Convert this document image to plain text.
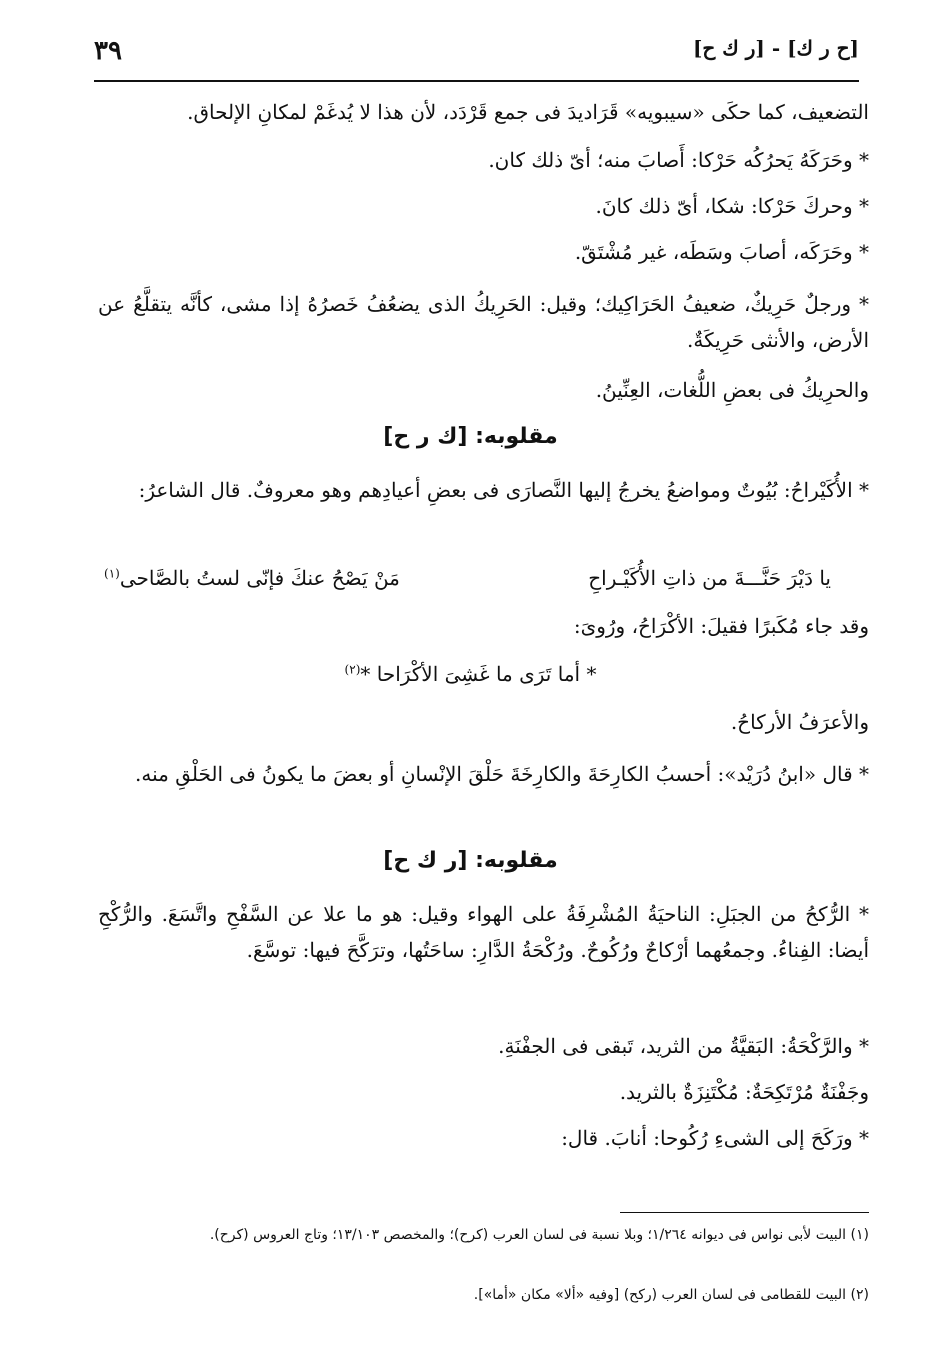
[ح ر ك] - [ر ك ح]
٣٩

التضعيف، كما حكَى «سيبويه» قَرَاديدَ فى جمع قَرْدَد، لأن هذا لا يُدغَمْ لمكانِ الإلحاق.

* وحَرَكَهُ يَحرُكُه حَرْكا: أَصابَ منه؛ أىّ ذلك كان.

* وحركَ حَرْكا: شكا، أىّ ذلك كانَ.

* وحَرَكَه، أصابَ وسَطَه، غير مُشْتَقّ.

* ورجلٌ حَرِيكٌ، ضعيفُ الحَرَاكِيك؛ وقيل: الحَرِيكُ الذى يضعُفُ خَصرُهُ إذا مشى، كأنَّه يتقلَّعُ عن الأرض، والأنثى حَرِيكَةٌ.

والحرِيكُ فى بعضِ اللُّغات، العِنِّينُ.

مقلوبه: [ك ر ح]

* الأُكَيْراحُ: بُيُوتٌ ومواضعُ يخرجُ إليها النَّصارَى فى بعضِ أعيادِهم وهو معروفٌ. قال الشاعرُ:

يا دَيْرَ حَنَّـــةَ من ذاتِ الأُكَيْـراحِ
مَنْ يَصْحُ عنكَ فإنّى لستُ بالصَّاحى$^{(١)}$

وقد جاء مُكَبرًا فقيلَ: الأكْرَاحُ، ورُوىَ:

* أما تَرَى ما غَشِىَ الأكْرَاحا *$^{(٢)}$

والأعرَفُ الأركاحُ.

* قال «ابنُ دُرَيْد»: أحسبُ الكارِحَةَ والكارِخَةَ حَلْقَ الإنْسانِ أو بعضَ ما يكونُ فى الحَلْقِ منه.

مقلوبه: [ر ك ح]

* الرُّكحُ من الجبَلِ: الناحيَةُ المُشْرِفَةُ على الهواء وقيل: هو ما علا عن السَّفْحِ واتَّسَعَ. والرُّكْحِ أيضا: الفِناءُ. وجمعُهما أرْكاحٌ ورُكُوحٌ. ورُكْحَةُ الدَّارِ: ساحَتُها، وترَكَّحَ فيها: توسَّعَ.

* والرَّكْحَةُ: البَقيَّةُ من الثريد، تَبقى فى الجفْنَةِ.

وجَفْنَةٌ مُرْتَكِحَةٌ: مُكْتَنِزَةٌ بالثريد.

* ورَكَحَ إلى الشىءِ رُكُوحا: أنابَ. قال:

(١) البيت لأبى نواس فى ديوانه ١/٢٦٤؛ وبلا نسبة فى لسان العرب (كرح)؛ والمخصص ١٣/١٠٣؛ وتاج العروس (كرح).

(٢) البيت للقطامى فى لسان العرب (ركح) [وفيه «ألا» مكان «أما»].
